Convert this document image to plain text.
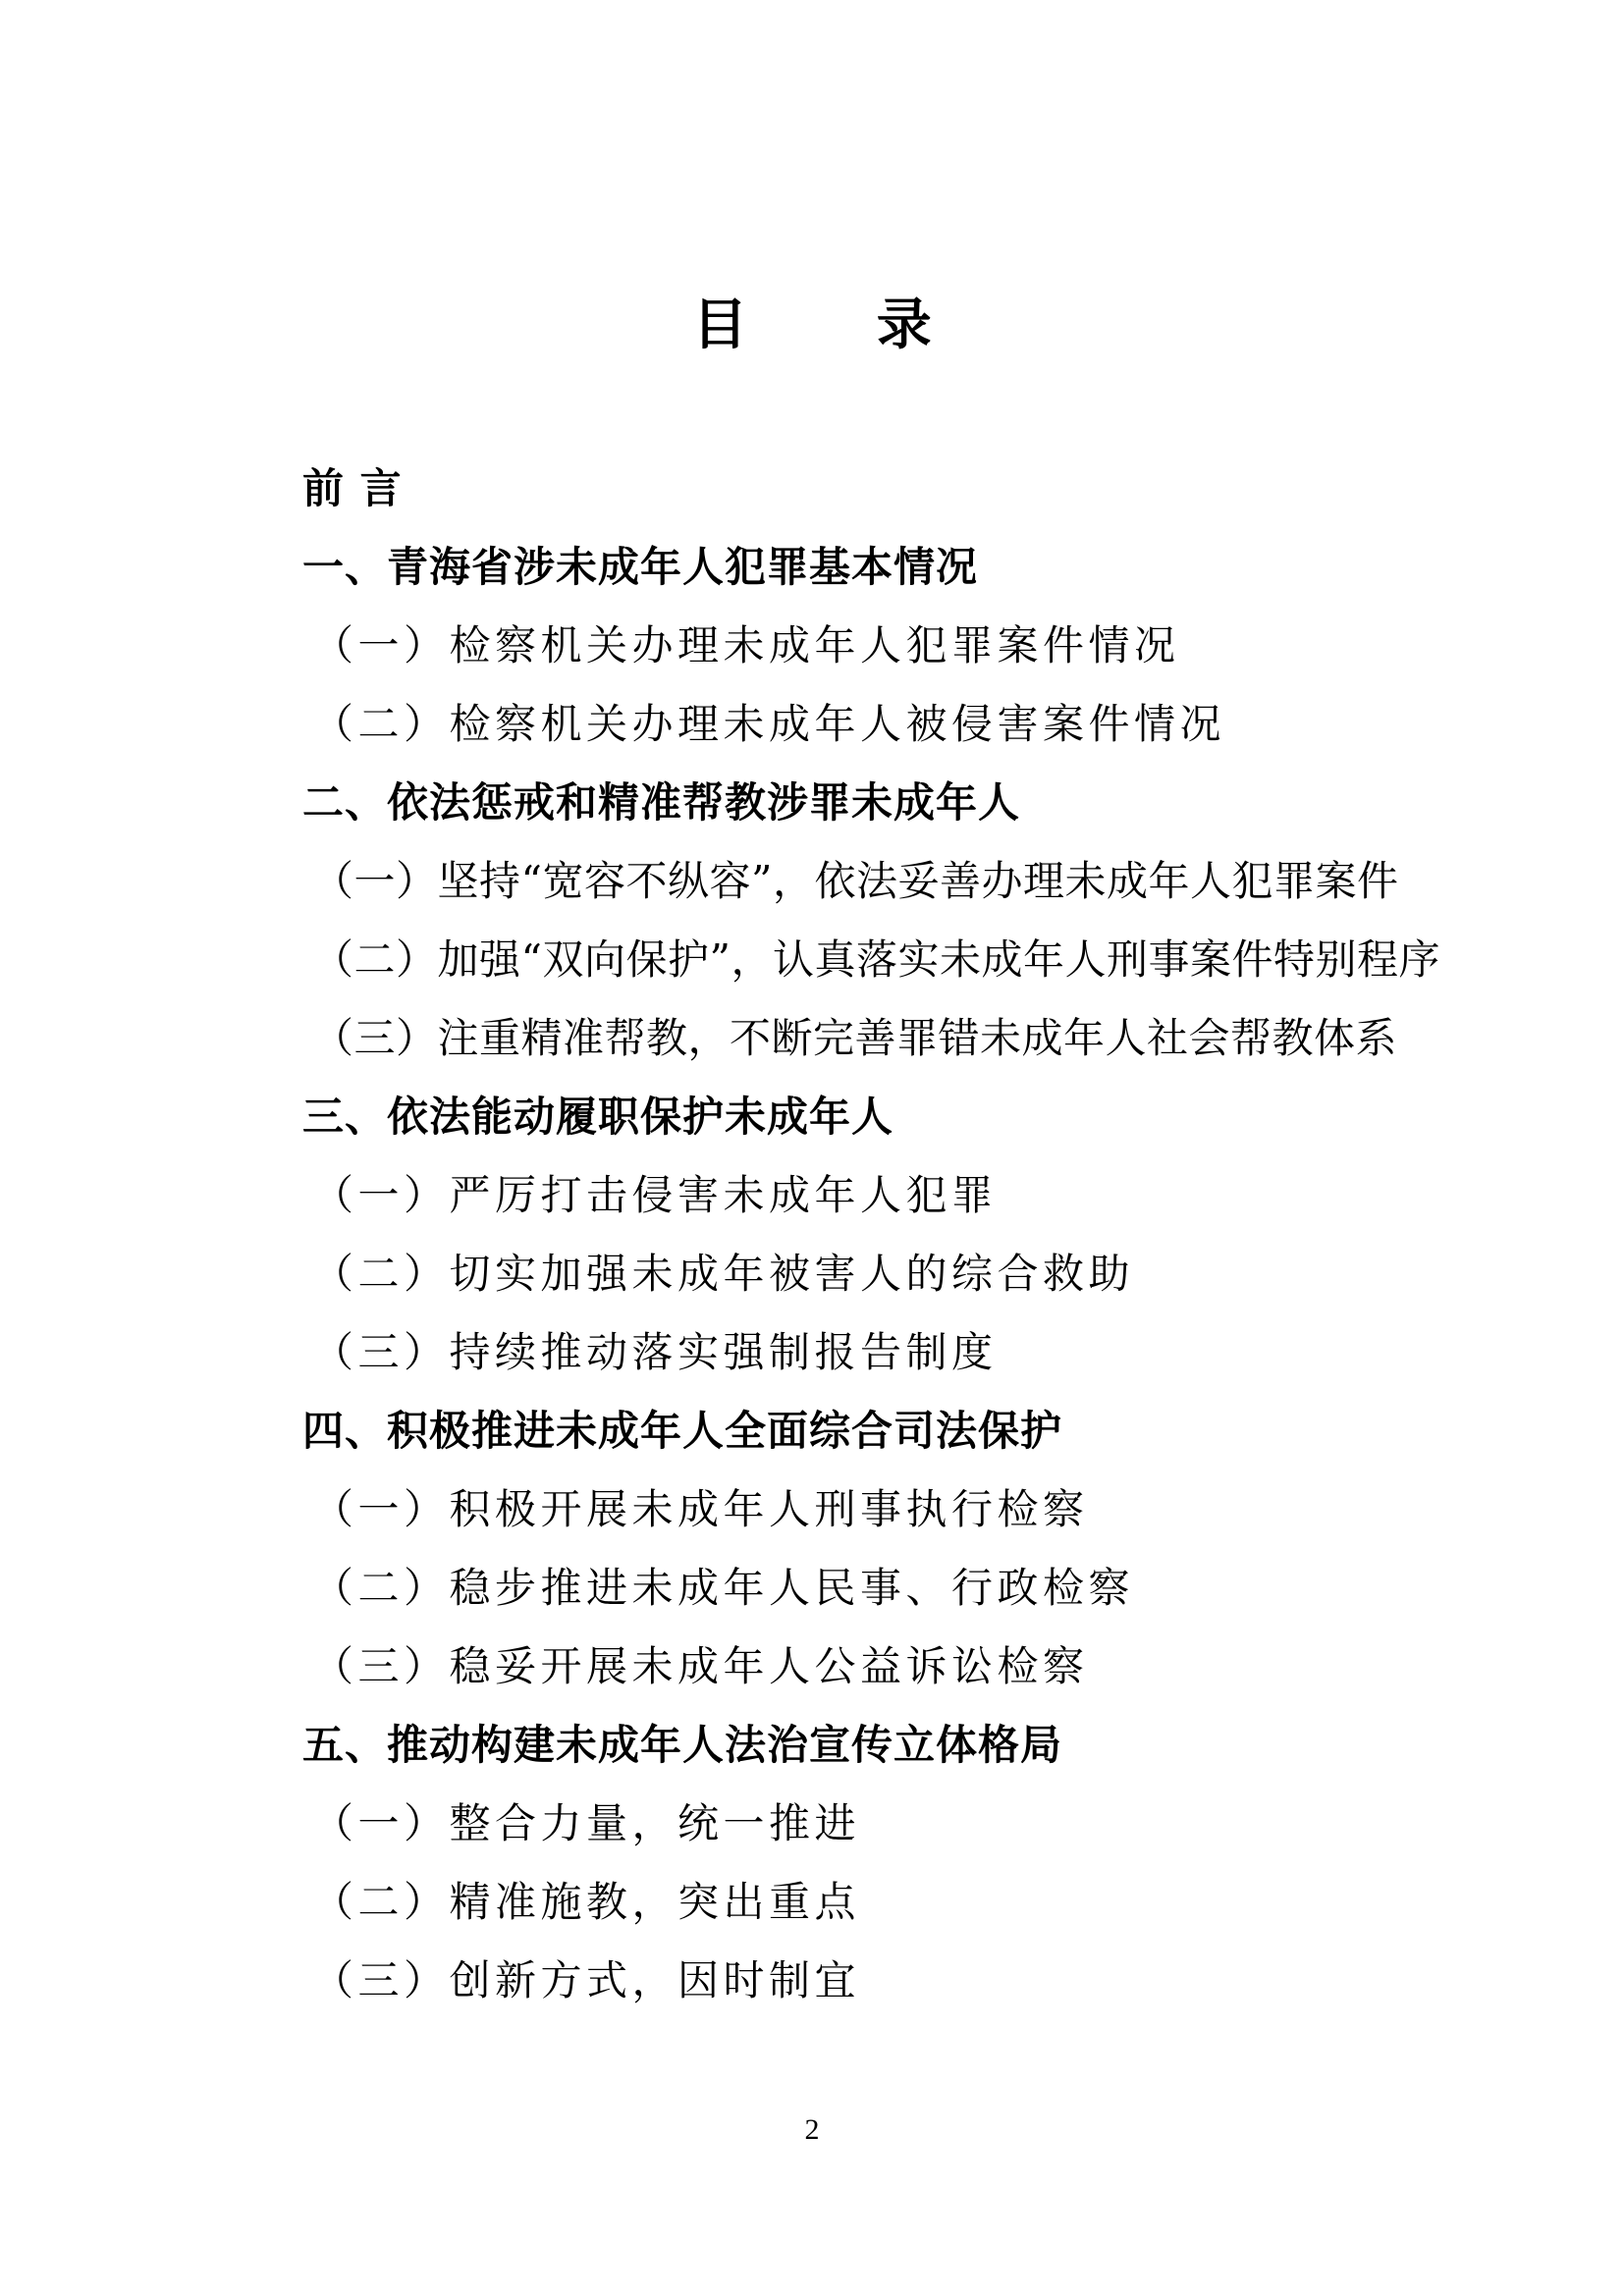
目 录
前 言
一、青海省涉未成年人犯罪基本情况
（一）检察机关办理未成年人犯罪案件情况
（二）检察机关办理未成年人被侵害案件情况
二、依法惩戒和精准帮教涉罪未成年人
（一）坚持“宽容不纵容”，依法妥善办理未成年人犯罪案件
（二）加强“双向保护”，认真落实未成年人刑事案件特别程序
（三）注重精准帮教，不断完善罪错未成年人社会帮教体系
三、依法能动履职保护未成年人
（一）严厉打击侵害未成年人犯罪
（二）切实加强未成年被害人的综合救助
（三）持续推动落实强制报告制度
四、积极推进未成年人全面综合司法保护
（一）积极开展未成年人刑事执行检察
（二）稳步推进未成年人民事、行政检察
（三）稳妥开展未成年人公益诉讼检察
五、推动构建未成年人法治宣传立体格局
（一）整合力量，统一推进
（二）精准施教，突出重点
（三）创新方式，因时制宜

2
